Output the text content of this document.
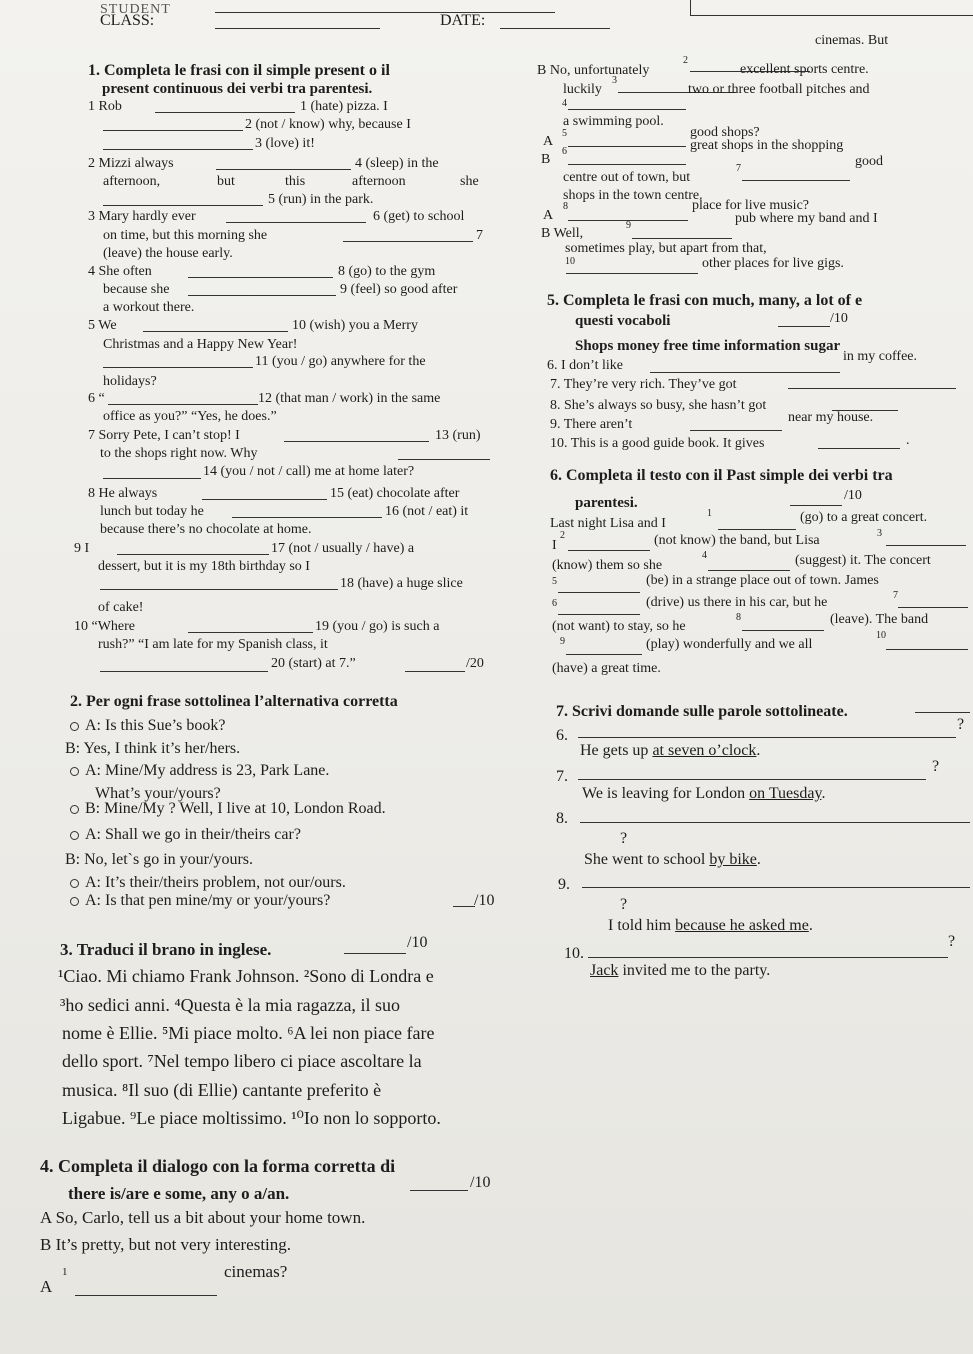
STUDENT
CLASS:	DATE:
1. Completa le frasi con il simple present o il
present continuous dei verbi tra parentesi.
1 Rob	1 (hate) pizza. I
2 (not / know) why, because I
3 (love) it!
2 Mizzi always	4 (sleep) in the
afternoon,	but	this	afternoon	she
5 (run) in the park.
3 Mary hardly ever	6 (get) to school
on time, but this morning she	7
(leave) the house early.
4 She often	8 (go) to the gym
because she	9 (feel) so good after
a workout there.
5 We	10 (wish) you a Merry
Christmas and a Happy New Year!
11 (you / go) anywhere for the
holidays?
6 “	12 (that man / work) in the same
office as you?” “Yes, he does.”
7 Sorry Pete, I can’t stop! I	13 (run)
to the shops right now. Why
14 (you / not / call) me at home later?
8 He always	15 (eat) chocolate after
lunch but today he	16 (not / eat) it
because there’s no chocolate at home.
9 I	17 (not / usually / have) a
dessert, but it is my 18th birthday so I
18 (have) a huge slice
of cake!
10 “Where	19 (you / go) is such a
rush?” “I am late for my Spanish class, it
20 (start) at 7.”	/20
B No, unfortunately
2
cinemas. But
luckily
3
excellent sports centre.
4
two or three football pitches and
a swimming pool.
A
5	good shops?
B
6	great shops in the shopping
centre out of town, but
7	good
shops in the town centre.
A
8	place for live music?
B Well,
9	pub where my band and I
sometimes play, but apart from that,
10	other places for live gigs.
5. Completa le frasi con much, many, a lot of e
questi vocaboli	/10
Shops money free time information sugar
6. I don’t like
in my coffee.
7. They’re very rich. They’ve got
8. She’s always so busy, she hasn’t got
9. There aren’t	near my house.
10. This is a good guide book. It gives	.
6. Completa il testo con il Past simple dei verbi tra
parentesi.	/10
Last night Lisa and I
1	(go) to a great concert.
I
2	(not know) the band, but Lisa	3
(know) them so she
4	(suggest) it. The concert
5	(be) in a strange place out of town. James
6	(drive) us there in his car, but he	7
(not want) to stay, so he
8	(leave). The band
9	(play) wonderfully and we all
10
(have) a great time.
2. Per ogni frase sottolinea l’alternativa corretta
A: Is this Sue’s book?
B: Yes, I think it’s her/hers.
A: Mine/My address is 23, Park Lane.
What’s your/yours?
B: Mine/My ? Well, I live at 10, London Road.
A: Shall we go in their/theirs car?
B: No, let`s go in your/yours.
A: It’s their/theirs problem, not our/ours.
A: Is that pen mine/my or your/yours?	/10
7. Scrivi domande sulle parole sottolineate.
6.
?
He gets up at seven o’clock.
7.
?
We is leaving for London on Tuesday.
8.
?
She went to school by bike.
9.
?
I told him because he asked me.
10.
?
Jack invited me to the party.
3. Traduci il brano in inglese.	/10
¹Ciao. Mi chiamo Frank Johnson. ²Sono di Londra e
³ho sedici anni. ⁴Questa è la mia ragazza, il suo
nome è Ellie. ⁵Mi piace molto. ⁶A lei non piace fare
dello sport. ⁷Nel tempo libero ci piace ascoltare la
musica. ⁸Il suo (di Ellie) cantante preferito è
Ligabue. ⁹Le piace moltissimo. ¹⁰Io non lo sopporto.
4. Completa il dialogo con la forma corretta di
there is/are e some, any o a/an.
/10
A So, Carlo, tell us a bit about your home town.
B It’s pretty, but not very interesting.
A
1	cinemas?
